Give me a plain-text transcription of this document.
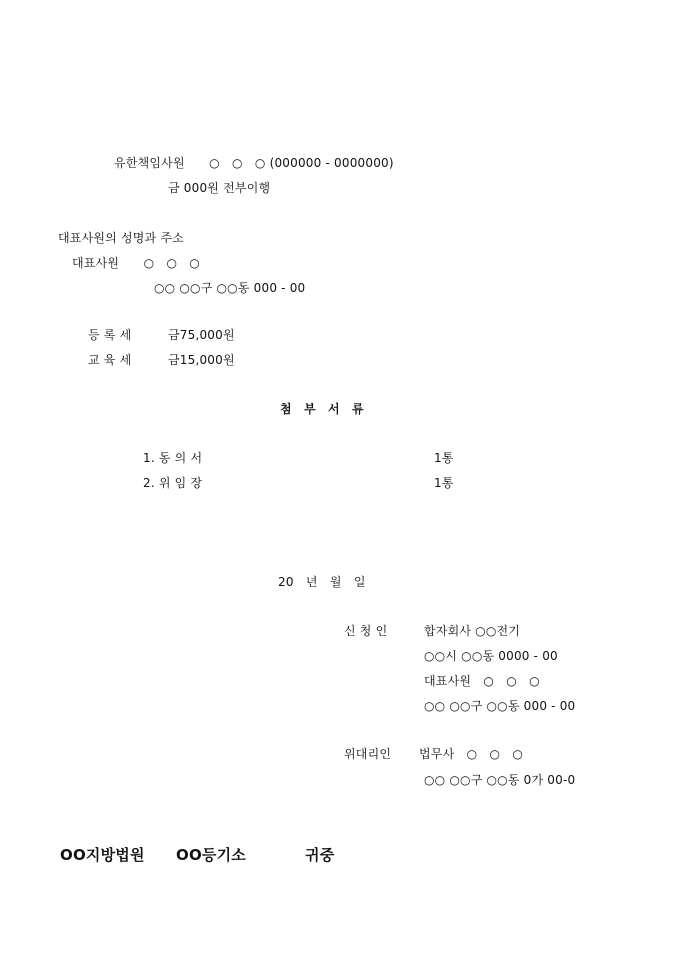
유한책임사원　　○　○　○ (000000 - 0000000)
금 000원 전부이행
대표사원의 성명과 주소
대표사원　　○　○　○
○○ ○○구 ○○동 000 - 00
등 록 세	금75,000원
교 육 세	금15,000원
첨　부　서　류
1. 동 의 서	1통
2. 위 임 장	1통
20　년　월　일
신 청 인	합자회사 ○○전기
○○시 ○○동 0000 - 00
대표사원　○　○　○
○○ ○○구 ○○동 000 - 00
위대리인 법무사　○　○　○
○○ ○○구 ○○동 0가 00-0
OO지방법원 OO등기소	귀중
